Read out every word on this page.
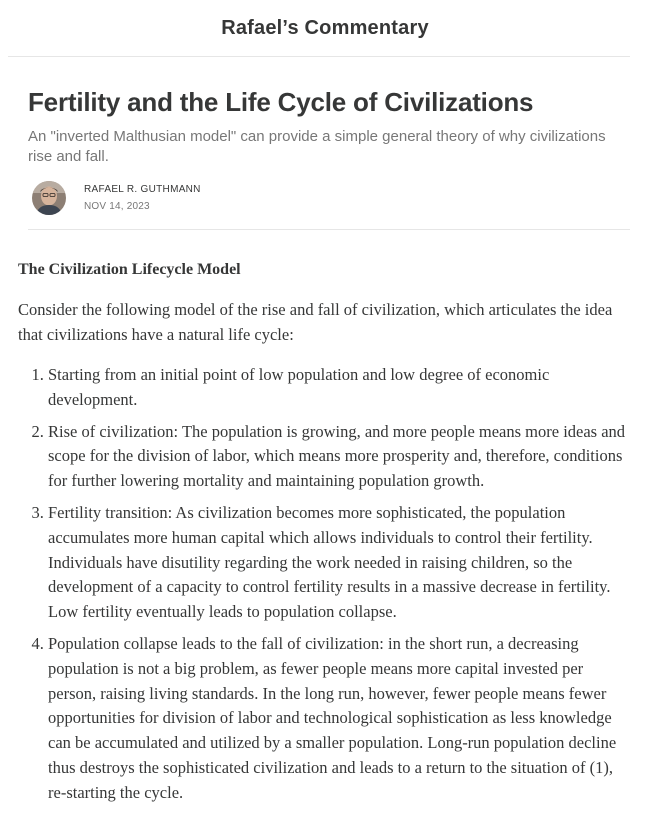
Rafael’s Commentary
Fertility and the Life Cycle of Civilizations

An "inverted Malthusian model" can provide a simple general theory of why civilizations rise and fall.

RAFAEL R. GUTHMANN
NOV 14, 2023
The Civilization Lifecycle Model

Consider the following model of the rise and fall of civilization, which articulates the idea that civilizations have a natural life cycle:

1. Starting from an initial point of low population and low degree of economic development.
2. Rise of civilization: The population is growing, and more people means more ideas and scope for the division of labor, which means more prosperity and, therefore, conditions for further lowering mortality and maintaining population growth.
3. Fertility transition: As civilization becomes more sophisticated, the population accumulates more human capital which allows individuals to control their fertility. Individuals have disutility regarding the work needed in raising children, so the development of a capacity to control fertility results in a massive decrease in fertility. Low fertility eventually leads to population collapse.
4. Population collapse leads to the fall of civilization: in the short run, a decreasing population is not a big problem, as fewer people means more capital invested per person, raising living standards. In the long run, however, fewer people means fewer opportunities for division of labor and technological sophistication as less knowledge can be accumulated and utilized by a smaller population. Long-run population decline thus destroys the sophisticated civilization and leads to a return to the situation of (1), re-starting the cycle.
